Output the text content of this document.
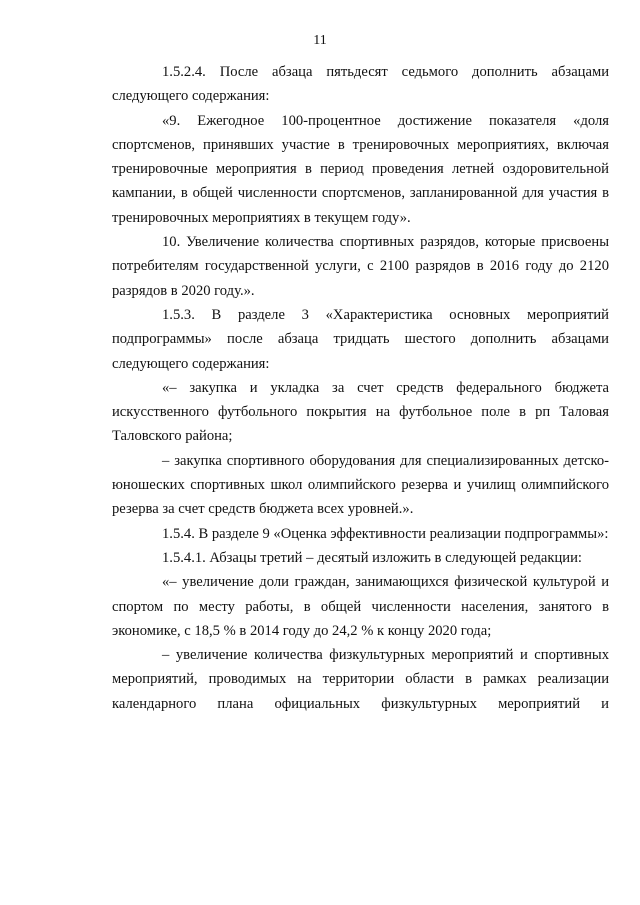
11

1.5.2.4. После абзаца пятьдесят седьмого дополнить абзацами следующего содержания:

«9. Ежегодное 100-процентное достижение показателя «доля спортсменов, принявших участие в тренировочных мероприятиях, включая тренировочные мероприятия в период проведения летней оздоровительной кампании, в общей численности спортсменов, запланированной для участия в тренировочных мероприятиях в текущем году».

10. Увеличение количества спортивных разрядов, которые присвоены потребителям государственной услуги, с 2100 разрядов в 2016 году до 2120 разрядов в 2020 году.».

1.5.3. В разделе 3 «Характеристика основных мероприятий подпрограммы» после абзаца тридцать шестого дополнить абзацами следующего содержания:

«– закупка и укладка за счет средств федерального бюджета искусственного футбольного покрытия на футбольное поле в рп Таловая Таловского района;

– закупка спортивного оборудования для специализированных детско-юношеских спортивных школ олимпийского резерва и училищ олимпийского резерва за счет средств бюджета всех уровней.».

1.5.4. В разделе 9 «Оценка эффективности реализации подпрограммы»:

1.5.4.1. Абзацы третий – десятый изложить в следующей редакции:

«– увеличение доли граждан, занимающихся физической культурой и спортом по месту работы, в общей численности населения, занятого в экономике, с 18,5 % в 2014 году до 24,2 % к концу 2020 года;

– увеличение количества физкультурных мероприятий и спортивных мероприятий, проводимых на территории области в рамках реализации календарного плана официальных физкультурных мероприятий и
